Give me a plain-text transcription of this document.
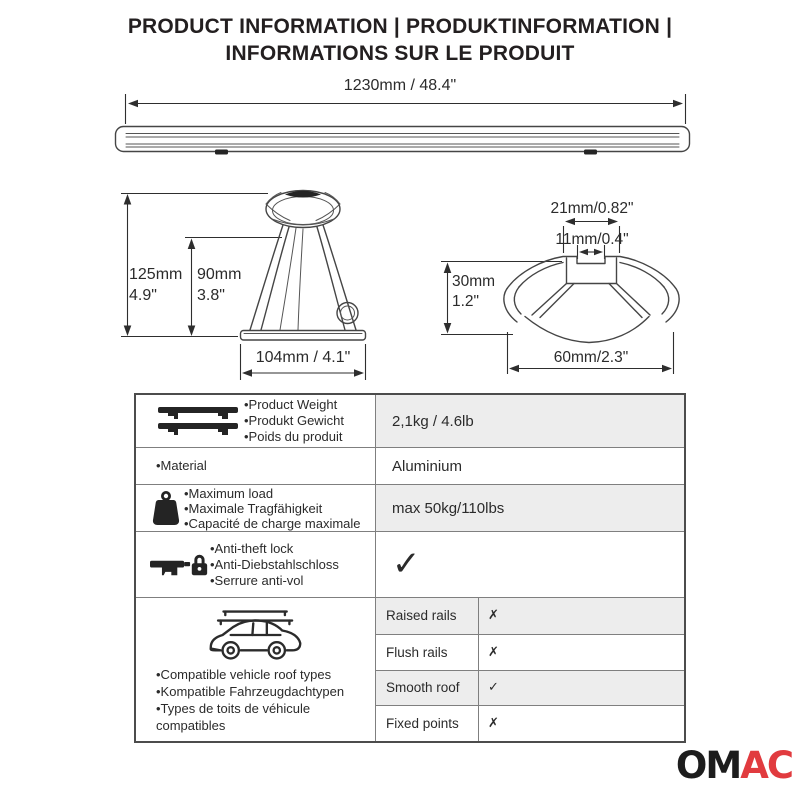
PRODUCT INFORMATION | PRODUKTINFORMATION |
INFORMATIONS SUR LE PRODUIT
1230mm / 48.4"
125mm
4.9"
90mm
3.8"
104mm / 4.1"
21mm/0.82"
11mm/0.4"
30mm
1.2"
60mm/2.3"
•Product Weight
•Produkt Gewicht
•Poids du produit
2,1kg / 4.6lb
•Material	Aluminium
•Maximum load
•Maximale Tragfähigkeit
•Capacité de charge maximale
max 50kg/110lbs
•Anti-theft lock
•Anti-Diebstahlschloss
•Serrure anti-vol	✓
•Compatible vehicle roof types
•Kompatible Fahrzeugdachtypen
•Types de toits de véhicule compatibles
Raised rails	✗
Flush rails	✗
Smooth roof	✓
Fixed points	✗
OMAC
